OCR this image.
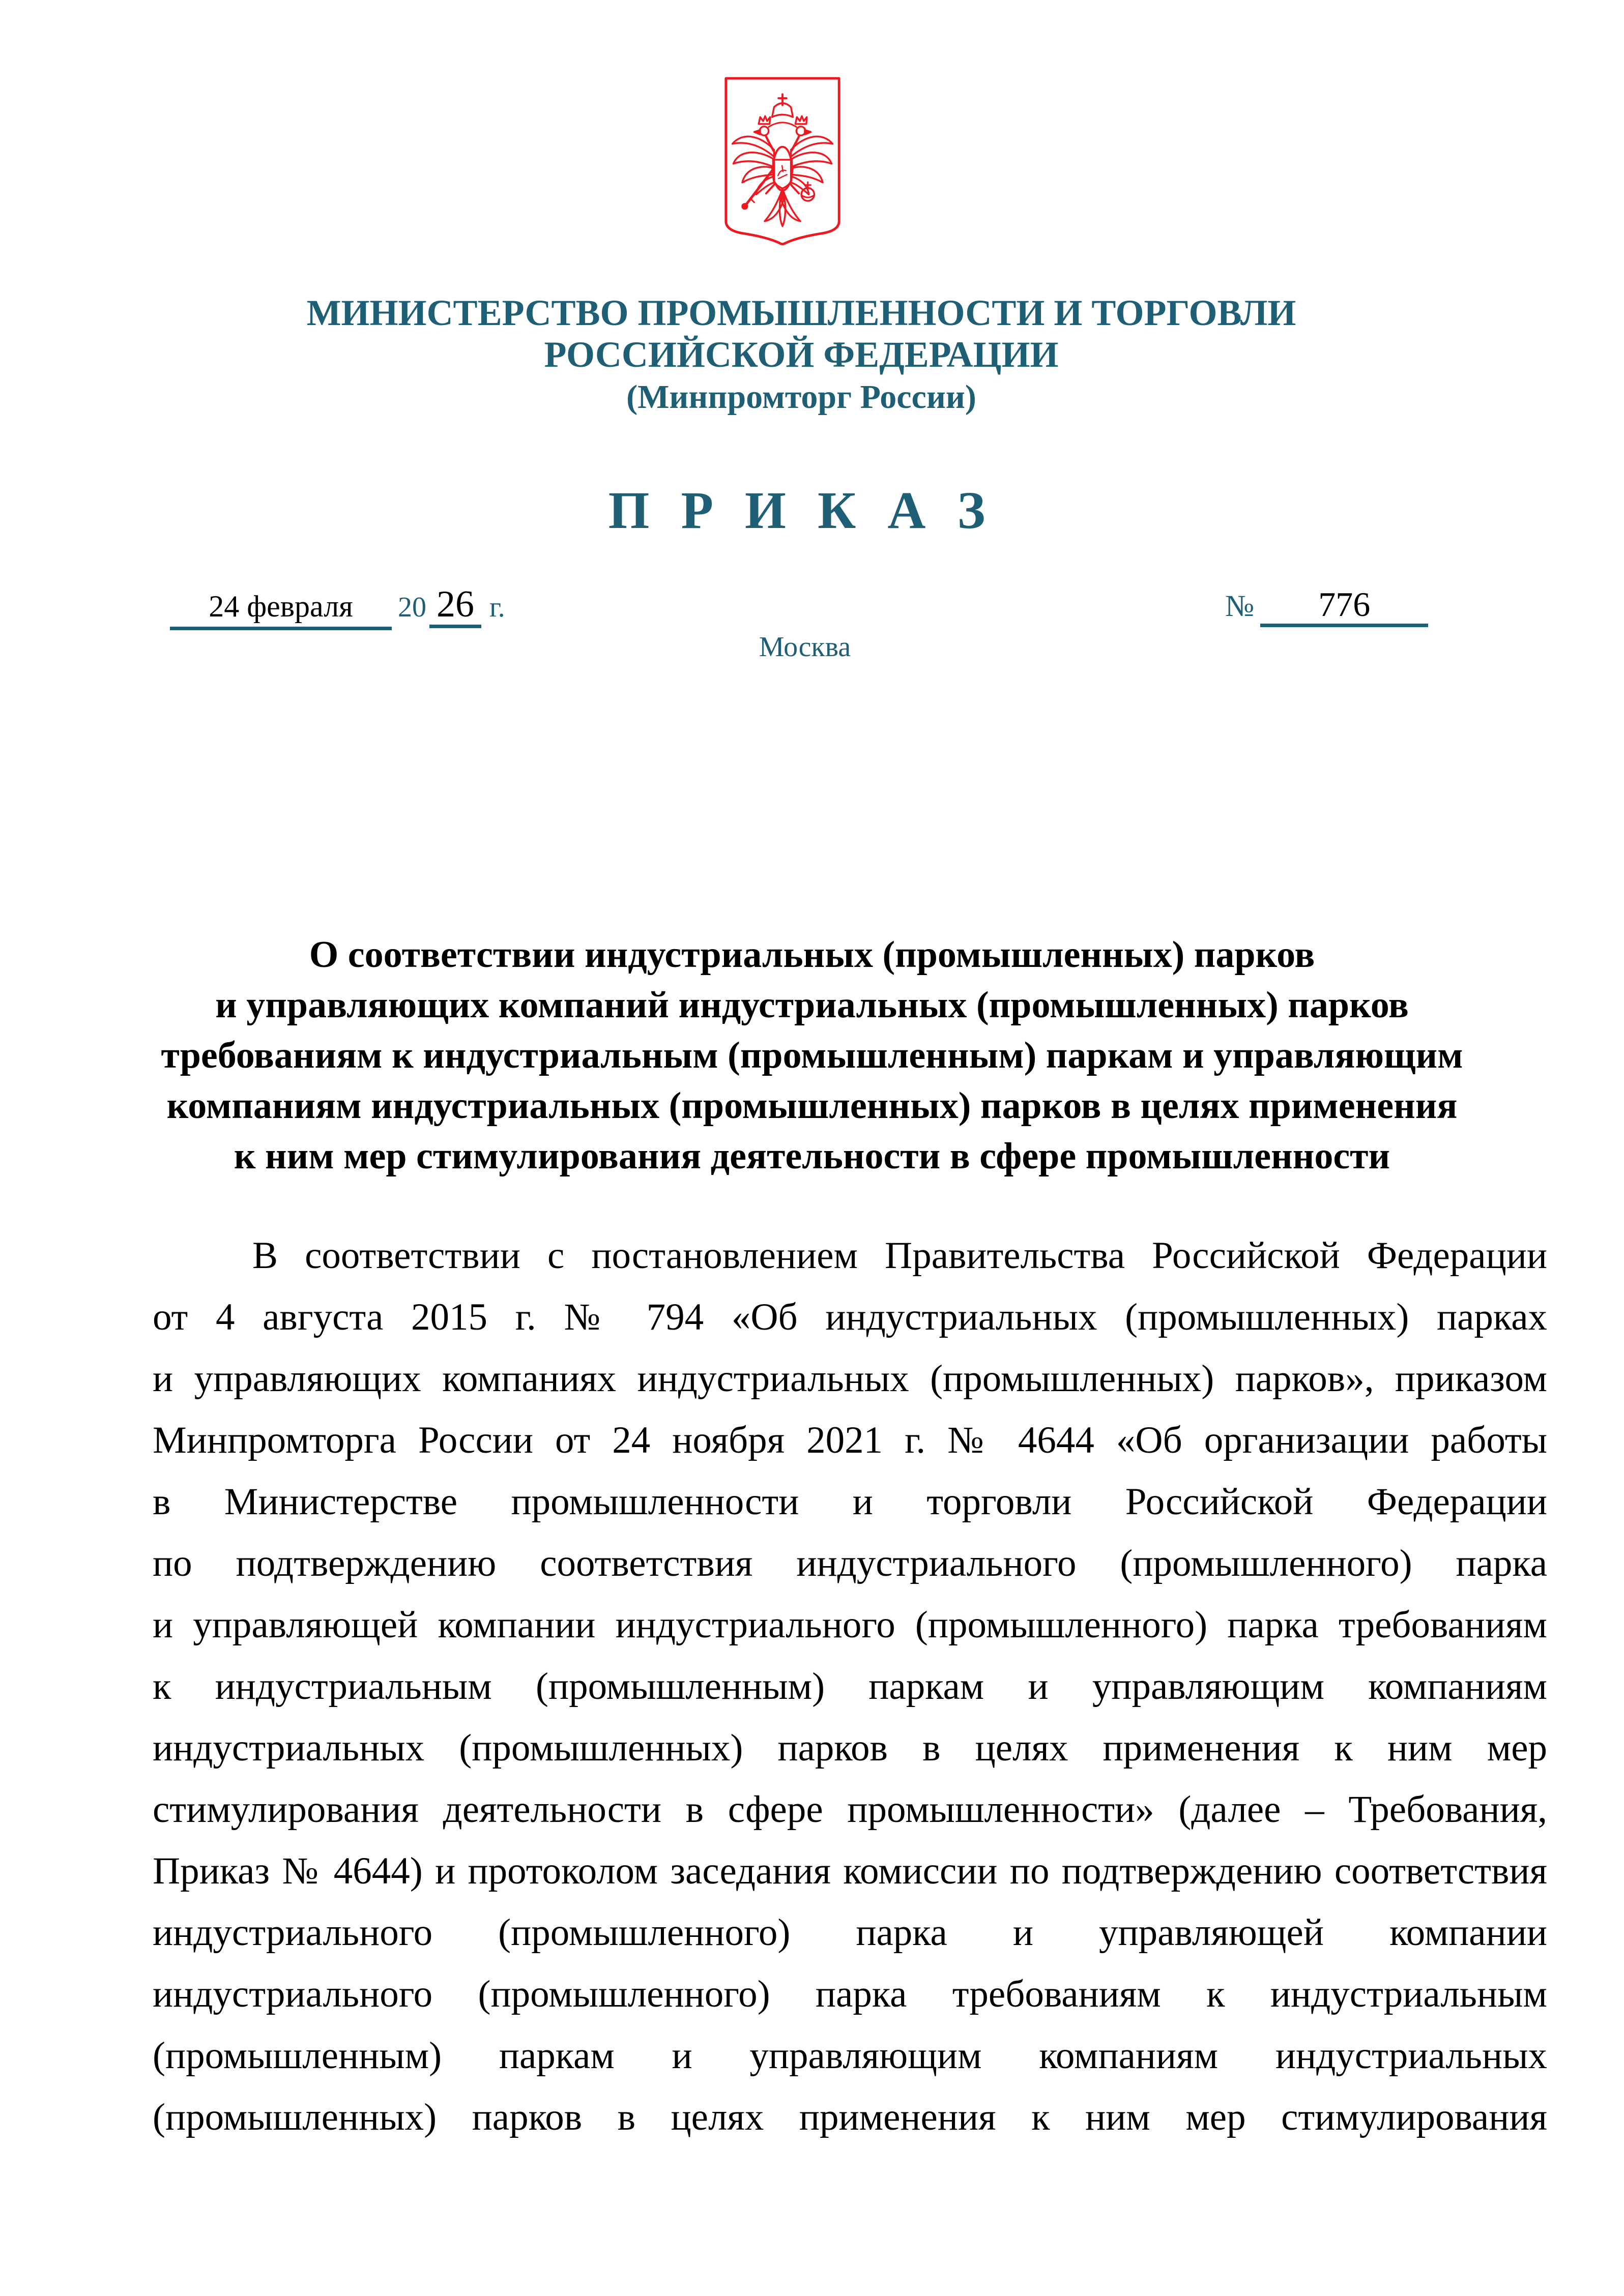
МИНИСТЕРСТВО ПРОМЫШЛЕННОСТИ И ТОРГОВЛИ
РОССИЙСКОЙ ФЕДЕРАЦИИ
(Минпромторг России)
П Р И К А З
24 февраля	20 26 г.	№	776
Москва
О соответствии индустриальных (промышленных) парков
и управляющих компаний индустриальных (промышленных) парков
требованиям к индустриальным (промышленным) паркам и управляющим
компаниям индустриальных (промышленных) парков в целях применения
к ним мер стимулирования деятельности в сфере промышленности
В соответствии с постановлением Правительства Российской Федерации
от 4 августа 2015 г. № 794 «Об индустриальных (промышленных) парках
и управляющих компаниях индустриальных (промышленных) парков», приказом
Минпромторга России от 24 ноября 2021 г. № 4644 «Об организации работы
в Министерстве промышленности и торговли Российской Федерации
по подтверждению соответствия индустриального (промышленного) парка
и управляющей компании индустриального (промышленного) парка требованиям
к индустриальным (промышленным) паркам и управляющим компаниям
индустриальных (промышленных) парков в целях применения к ним мер
стимулирования деятельности в сфере промышленности» (далее – Требования,
Приказ № 4644) и протоколом заседания комиссии по подтверждению соответствия
индустриального (промышленного) парка и управляющей компании
индустриального (промышленного) парка требованиям к индустриальным
(промышленным) паркам и управляющим компаниям индустриальных
(промышленных) парков в целях применения к ним мер стимулирования
